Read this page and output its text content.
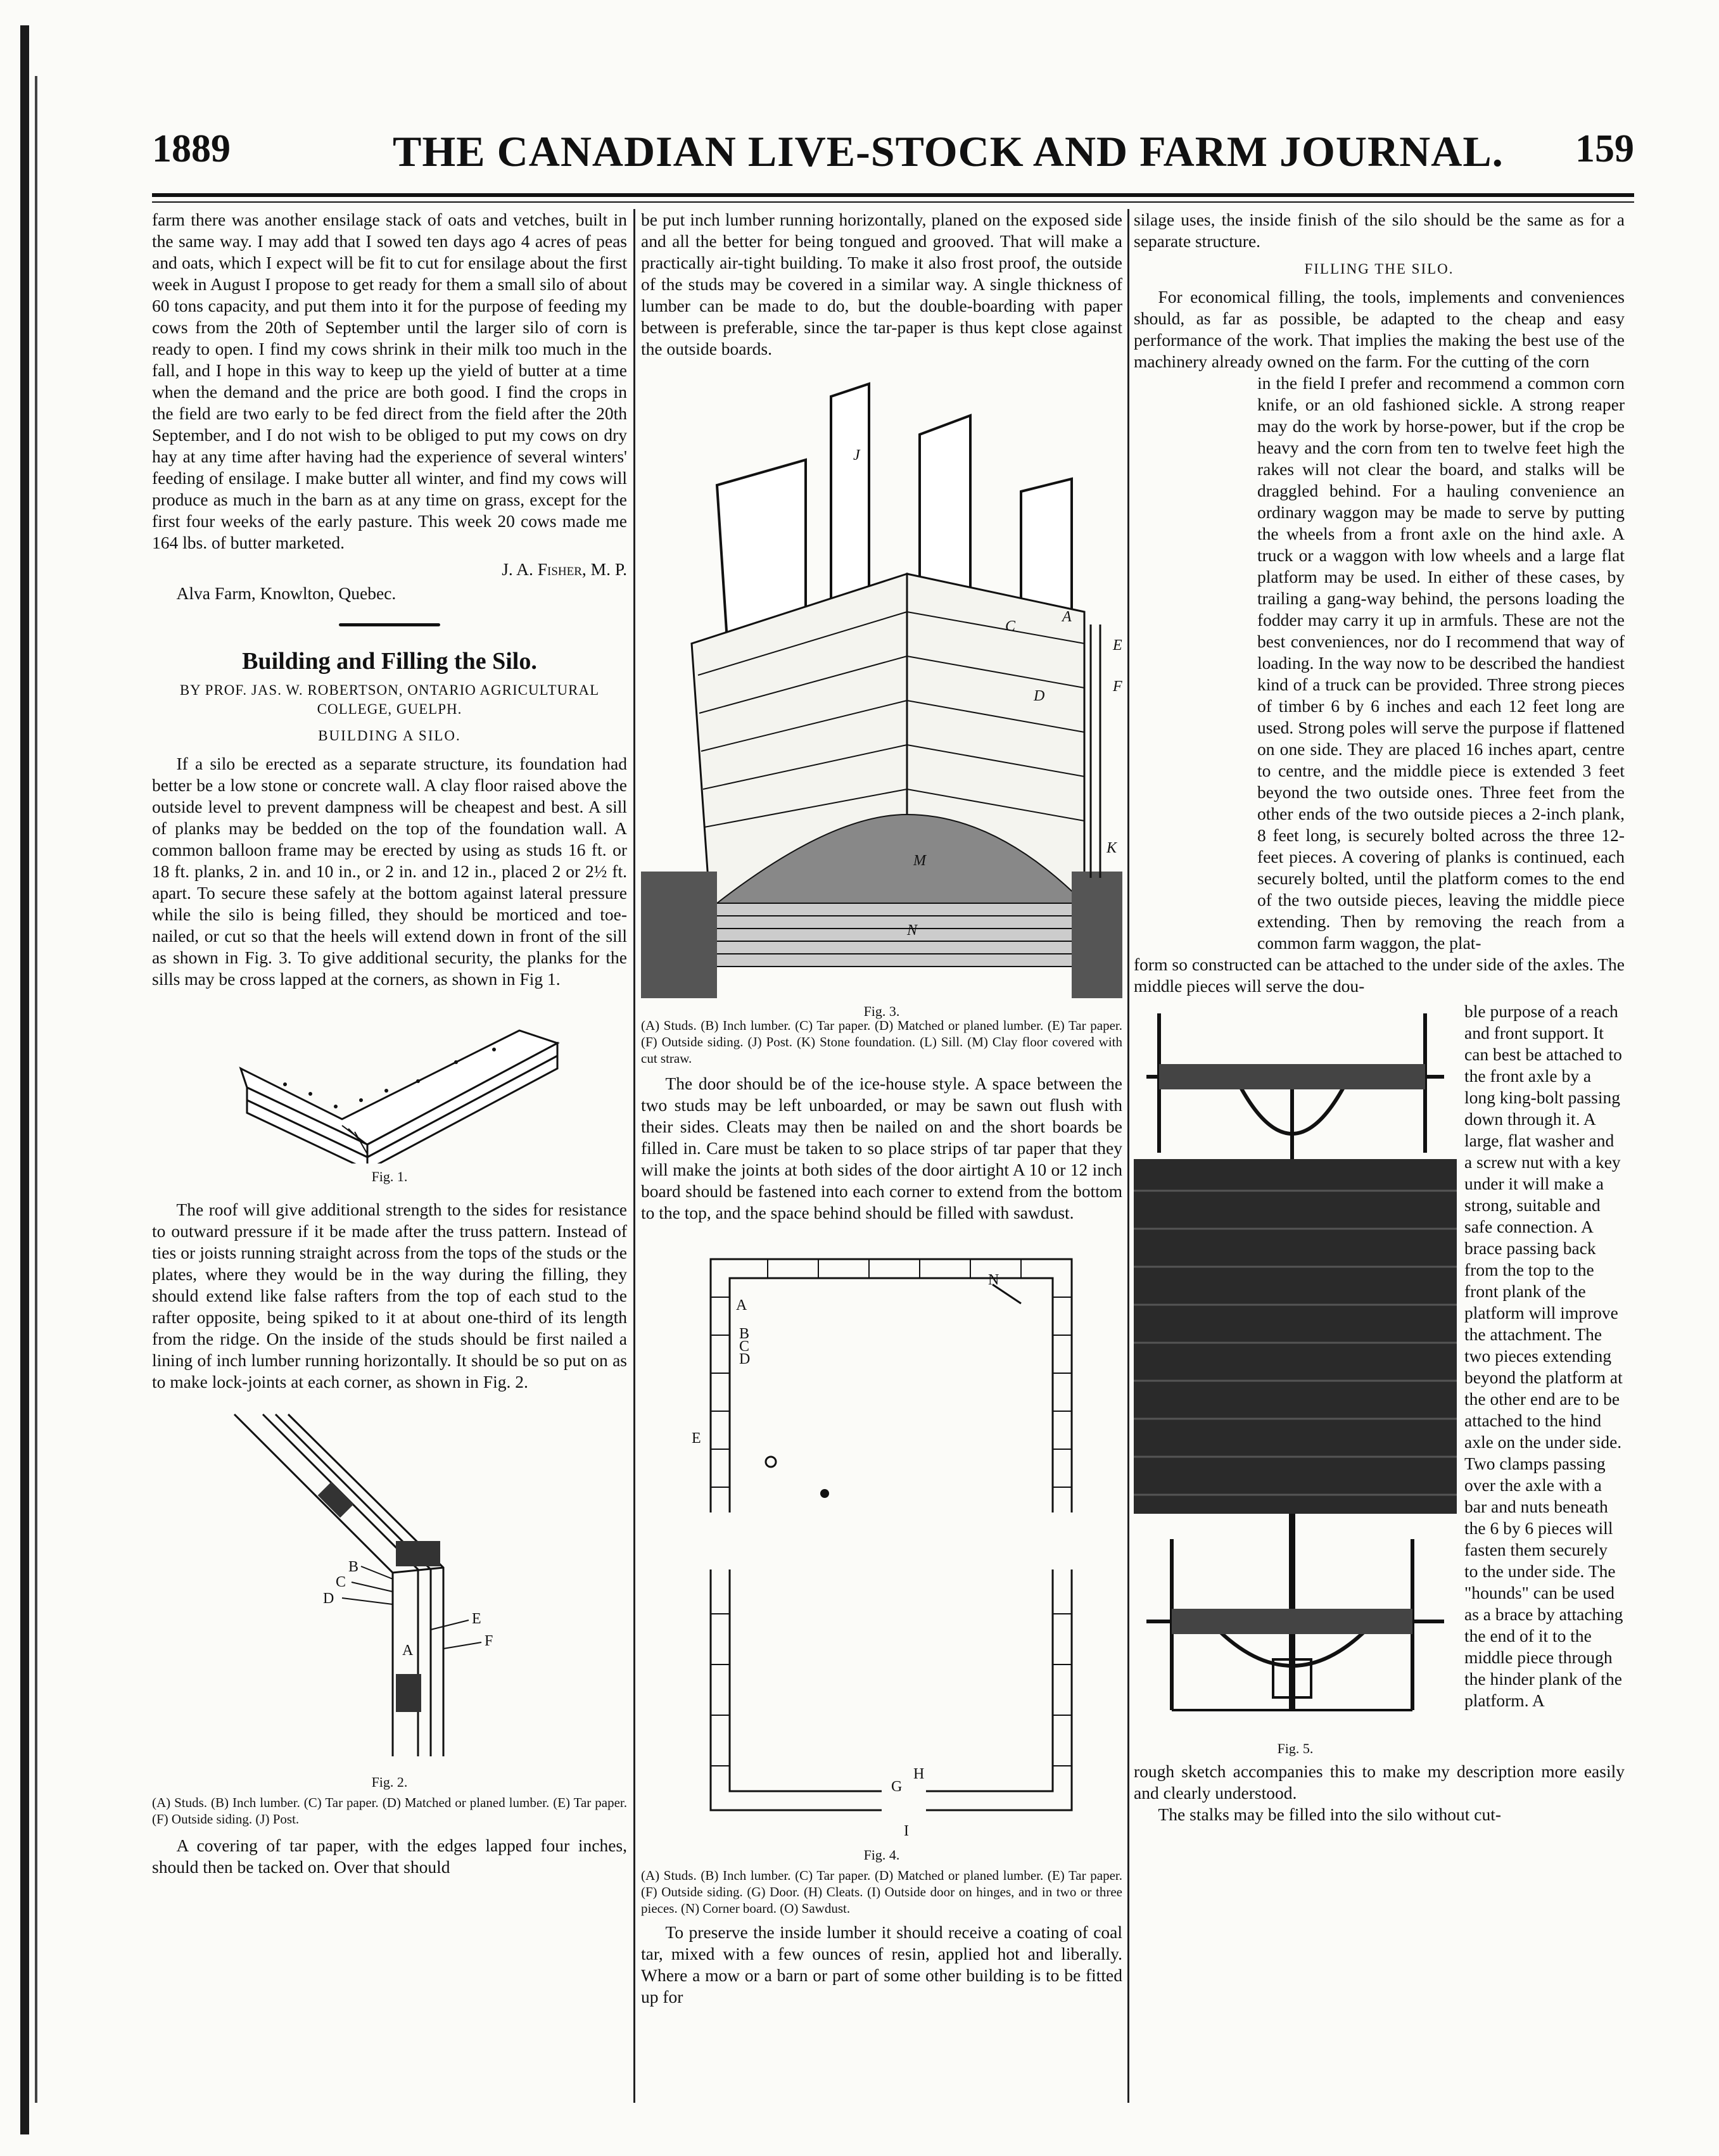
1889	THE CANADIAN LIVE-STOCK AND FARM JOURNAL. 159

farm there was another ensilage stack of oats and vetches, built in the same way. I may add that I sowed ten days ago 4 acres of peas and oats, which I expect will be fit to cut for ensilage about the first week in August I propose to get ready for them a small silo of about 60 tons capacity, and put them into it for the purpose of feeding my cows from the 20th of September until the larger silo of corn is ready to open. I find my cows shrink in their milk too much in the fall, and I hope in this way to keep up the yield of butter at a time when the demand and the price are both good. I find the crops in the field are two early to be fed direct from the field after the 20th September, and I do not wish to be obliged to put my cows on dry hay at any time after having had the experience of several winters' feeding of ensilage. I make butter all winter, and find my cows will produce as much in the barn as at any time on grass, except for the first four weeks of the early pasture. This week 20 cows made me 164 lbs. of butter marketed.

J. A. Fisher, M. P.
Alva Farm, Knowlton, Quebec.
Building and Filling the Silo.
BY PROF. JAS. W. ROBERTSON, ONTARIO AGRICULTURAL COLLEGE, GUELPH.
BUILDING A SILO.

If a silo be erected as a separate structure, its foundation had better be a low stone or concrete wall. A clay floor raised above the outside level to prevent dampness will be cheapest and best. A sill of planks may be bedded on the top of the foundation wall. A common balloon frame may be erected by using as studs 16 ft. or 18 ft. planks, 2 in. and 10 in., or 2 in. and 12 in., placed 2 or 2½ ft. apart. To secure these safely at the bottom against lateral pressure while the silo is being filled, they should be morticed and toe-nailed, or cut so that the heels will extend down in front of the sill as shown in Fig. 3. To give additional security, the planks for the sills may be cross lapped at the corners, as shown in Fig 1.

Fig. 1.

The roof will give additional strength to the sides for resistance to outward pressure if it be made after the truss pattern. Instead of ties or joists running straight across from the tops of the studs or the plates, where they would be in the way during the filling, they should extend like false rafters from the top of each stud to the rafter opposite, being spiked to it at about one-third of its length from the ridge. On the inside of the studs should be first nailed a lining of inch lumber running horizontally. It should be so put on as to make lock-joints at each corner, as shown in Fig. 2.

B
C
D
A
E
F
Fig. 2.
(A) Studs. (B) Inch lumber. (C) Tar paper. (D) Matched or planed lumber. (E) Tar paper. (F) Outside siding. (J) Post.

A covering of tar paper, with the edges lapped four inches, should then be tacked on. Over that should

be put inch lumber running horizontally, planed on the exposed side and all the better for being tongued and grooved. That will make a practically air-tight building. To make it also frost proof, the outside of the studs may be covered in a similar way. A single thickness of lumber can be made to do, but the double-boarding with paper between is preferable, since the tar-paper is thus kept close against the outside boards.

J
C
D
A
E
F
K
M
N
Fig. 3.
(A) Studs. (B) Inch lumber. (C) Tar paper. (D) Matched or planed lumber. (E) Tar paper. (F) Outside siding. (J) Post. (K) Stone foundation. (L) Sill. (M) Clay floor covered with cut straw.

The door should be of the ice-house style. A space between the two studs may be left unboarded, or may be sawn out flush with their sides. Cleats may then be nailed on and the short boards be filled in. Care must be taken to so place strips of tar paper that they will make the joints at both sides of the door airtight A 10 or 12 inch board should be fastened into each corner to extend from the bottom to the top, and the space behind should be filled with sawdust.

N
A
B
C
D
E
G
H
I
Fig. 4.
(A) Studs. (B) Inch lumber. (C) Tar paper. (D) Matched or planed lumber. (E) Tar paper. (F) Outside siding. (G) Door. (H) Cleats. (I) Outside door on hinges, and in two or three pieces. (N) Corner board. (O) Sawdust.

To preserve the inside lumber it should receive a coating of coal tar, mixed with a few ounces of resin, applied hot and liberally. Where a mow or a barn or part of some other building is to be fitted up for

silage uses, the inside finish of the silo should be the same as for a separate structure.

FILLING THE SILO.

For economical filling, the tools, implements and conveniences should, as far as possible, be adapted to the cheap and easy performance of the work. That implies the making the best use of the machinery already owned on the farm. For the cutting of the corn

in the field I prefer and recommend a common corn knife, or an old fashioned sickle. A strong reaper may do the work by horse-power, but if the crop be heavy and the corn from ten to twelve feet high the rakes will not clear the board, and stalks will be draggled behind. For a hauling convenience an ordinary waggon may be made to serve by putting the wheels from a front axle on the hind axle. A truck or a waggon with low wheels and a large flat platform may be used. In either of these cases, by trailing a gang-way behind, the persons loading the fodder may carry it up in armfuls. These are not the best conveniences, nor do I recommend that way of loading. In the way now to be described the handiest kind of a truck can be provided. Three strong pieces of timber 6 by 6 inches and each 12 feet long are used. Strong poles will serve the purpose if flattened on one side. They are placed 16 inches apart, centre to centre, and the middle piece is extended 3 feet beyond the two outside ones. Three feet from the other ends of the two outside pieces a 2-inch plank, 8 feet long, is securely bolted across the three 12-feet pieces. A covering of planks is continued, each securely bolted, until the platform comes to the end of the two outside pieces, leaving the middle piece extending. Then by removing the reach from a common farm waggon, the plat-

form so constructed can be attached to the under side of the axles. The middle pieces will serve the dou-

Fig. 5.

ble purpose of a reach and front support. It can best be attached to the front axle by a long king-bolt passing down through it. A large, flat washer and a screw nut with a key under it will make a strong, suitable and safe connection. A brace passing back from the top to the front plank of the platform will improve the attachment. The two pieces extending beyond the platform at the other end are to be attached to the hind axle on the under side. Two clamps passing over the axle with a bar and nuts beneath the 6 by 6 pieces will fasten them securely to the under side. The "hounds" can be used as a brace by attaching the end of it to the middle piece through the hinder plank of the platform. A

rough sketch accompanies this to make my description more easily and clearly understood.

The stalks may be filled into the silo without cut-
